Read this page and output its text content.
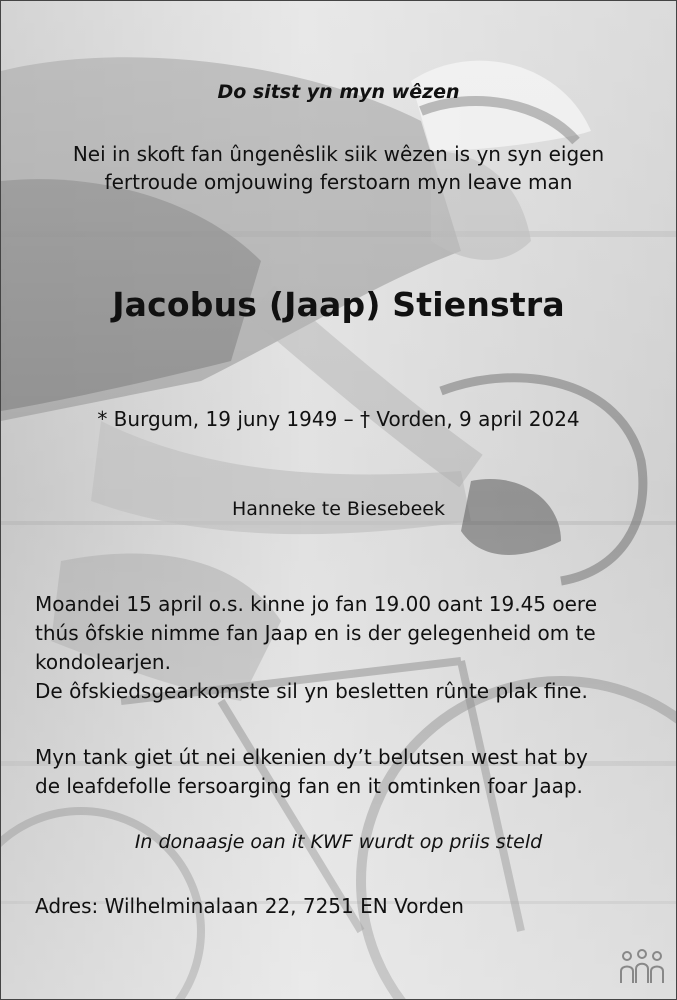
Do sitst yn myn wêzen
Nei in skoft fan ûngenêslik siik wêzen is yn syn eigen
fertroude omjouwing ferstoarn myn leave man
Jacobus (Jaap) Stienstra
* Burgum, 19 juny 1949 – † Vorden, 9 april 2024
Hanneke te Biesebeek
Moandei 15 april o.s. kinne jo fan 19.00 oant 19.45 oere
thús ôfskie nimme fan Jaap en is der gelegenheid om te
kondolearjen.
De ôfskiedsgearkomste sil yn besletten rûnte plak fine.
Myn tank giet út nei elkenien dy’t belutsen west hat by
de leafdefolle fersoarging fan en it omtinken foar Jaap.
In donaasje oan it KWF wurdt op priis steld
Adres: Wilhelminalaan 22, 7251 EN Vorden
